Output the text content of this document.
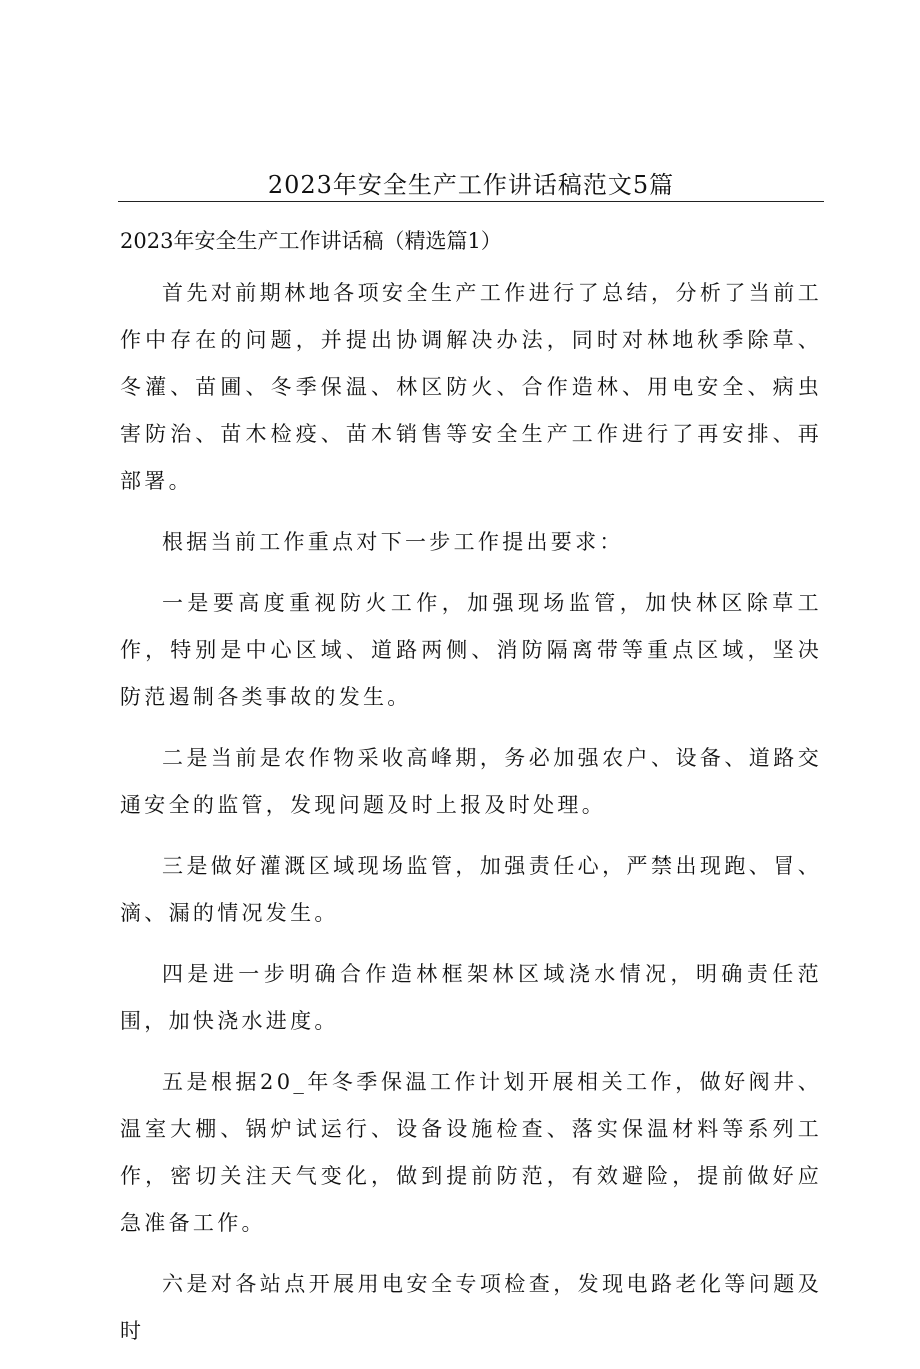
2023年安全生产工作讲话稿范文5篇
2023年安全生产工作讲话稿（精选篇1）

首先对前期林地各项安全生产工作进行了总结，分析了当前工作中存在的问题，并提出协调解决办法，同时对林地秋季除草、冬灌、苗圃、冬季保温、林区防火、合作造林、用电安全、病虫害防治、苗木检疫、苗木销售等安全生产工作进行了再安排、再部署。

根据当前工作重点对下一步工作提出要求：

一是要高度重视防火工作，加强现场监管，加快林区除草工作，特别是中心区域、道路两侧、消防隔离带等重点区域，坚决防范遏制各类事故的发生。

二是当前是农作物采收高峰期，务必加强农户、设备、道路交通安全的监管，发现问题及时上报及时处理。

三是做好灌溉区域现场监管，加强责任心，严禁出现跑、冒、滴、漏的情况发生。

四是进一步明确合作造林框架林区域浇水情况，明确责任范围，加快浇水进度。

五是根据20_年冬季保温工作计划开展相关工作，做好阀井、温室大棚、锅炉试运行、设备设施检查、落实保温材料等系列工作，密切关注天气变化，做到提前防范，有效避险，提前做好应急准备工作。

六是对各站点开展用电安全专项检查，发现电路老化等问题及时
